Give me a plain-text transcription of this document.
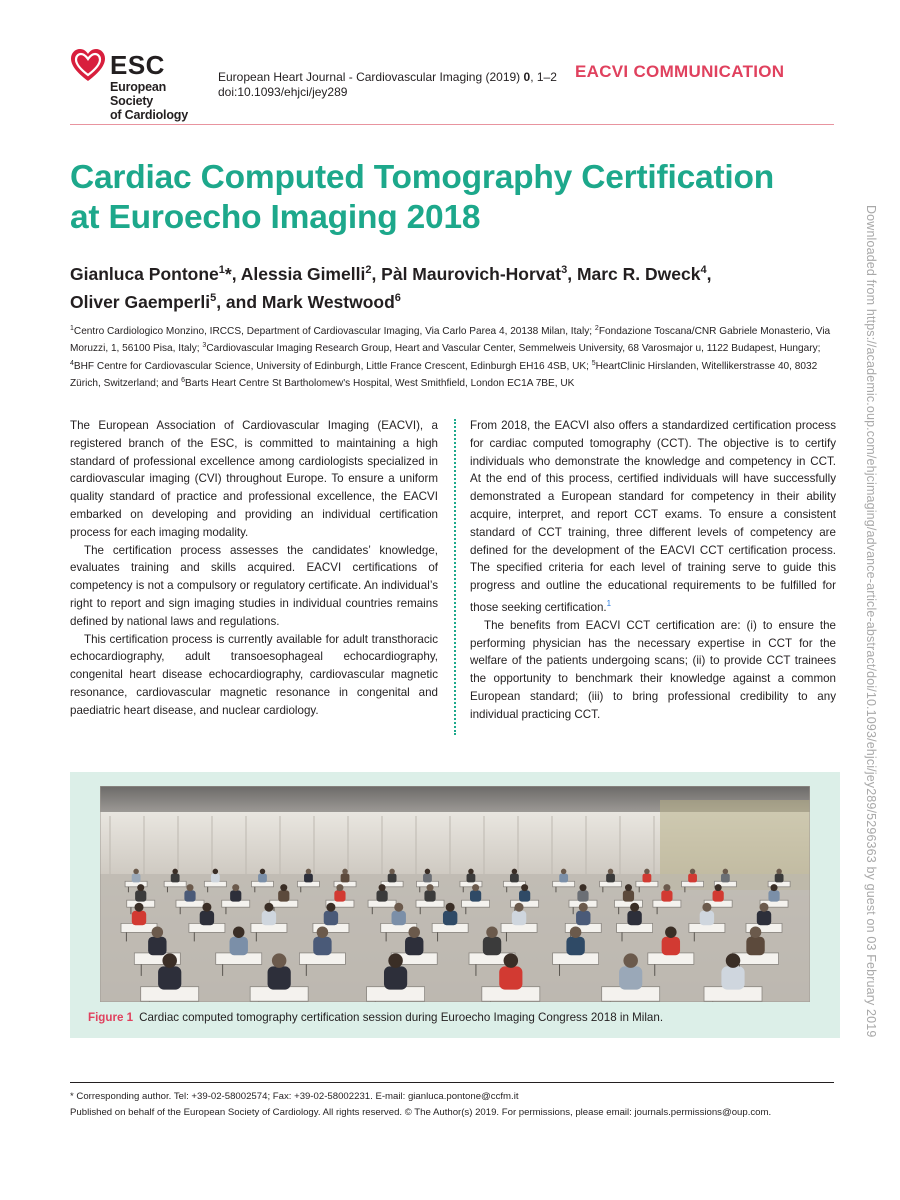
ESC
European Society
of Cardiology
European Heart Journal - Cardiovascular Imaging (2019) 0, 1–2
doi:10.1093/ehjci/jey289
EACVI COMMUNICATION
Cardiac Computed Tomography Certification
at Euroecho Imaging 2018
Gianluca Pontone$^1$*, Alessia Gimelli$^2$, Pàl Maurovich-Horvat$^3$, Marc R. Dweck$^4$,
Oliver Gaemperli$^5$, and Mark Westwood$^6$
$^1$Centro Cardiologico Monzino, IRCCS, Department of Cardiovascular Imaging, Via Carlo Parea 4, 20138 Milan, Italy; $^2$Fondazione Toscana/CNR Gabriele Monasterio, Via Moruzzi, 1, 56100 Pisa, Italy; $^3$Cardiovascular Imaging Research Group, Heart and Vascular Center, Semmelweis University, 68 Varosmajor u, 1122 Budapest, Hungary; $^4$BHF Centre for Cardiovascular Science, University of Edinburgh, Little France Crescent, Edinburgh EH16 4SB, UK; $^5$HeartClinic Hirslanden, Witellikerstrasse 40, 8032 Zürich, Switzerland; and $^6$Barts Heart Centre St Bartholomew's Hospital, West Smithfield, London EC1A 7BE, UK

The European Association of Cardiovascular Imaging (EACVI), a registered branch of the ESC, is committed to maintaining a high standard of professional excellence among cardiologists specialized in cardiovascular imaging (CVI) throughout Europe. To ensure a uniform quality standard of practice and professional excellence, the EACVI embarked on developing and providing an individual certification process for each imaging modality.

The certification process assesses the candidates’ knowledge, evaluates training and skills acquired. EACVI certifications of competency is not a compulsory or regulatory certificate. An individual’s right to report and sign imaging studies in individual countries remains defined by national laws and regulations.

This certification process is currently available for adult transthoracic echocardiography, adult transoesophageal echocardiography, congenital heart disease echocardiography, cardiovascular magnetic resonance, cardiovascular magnetic resonance in congenital and paediatric heart disease, and nuclear cardiology.

From 2018, the EACVI also offers a standardized certification process for cardiac computed tomography (CCT). The objective is to certify individuals who demonstrate the knowledge and competency in CCT. At the end of this process, certified individuals will have successfully demonstrated a European standard for competency in their ability acquire, interpret, and report CCT exams. To ensure a consistent standard of CCT training, three different levels of competency are defined for the development of the EACVI CCT certification process. The specified criteria for each level of training serve to guide this progress and outline the educational requirements to be fulfilled for those seeking certification.$^1$

The benefits from EACVI CCT certification are: (i) to ensure the performing physician has the necessary expertise in CCT for the welfare of the patients undergoing scans; (ii) to provide CCT trainees the opportunity to benchmark their knowledge against a common European standard; (iii) to bring professional credibility to any individual practicing CCT.

Figure 1 Cardiac computed tomography certification session during Euroecho Imaging Congress 2018 in Milan.
* Corresponding author. Tel: +39-02-58002574; Fax: +39-02-58002231. E-mail: gianluca.pontone@ccfm.it
Published on behalf of the European Society of Cardiology. All rights reserved. © The Author(s) 2019. For permissions, please email: journals.permissions@oup.com.
Downloaded from https://academic.oup.com/ehjcimaging/advance-article-abstract/doi/10.1093/ehjci/jey289/5296363 by guest on 03 February 2019
